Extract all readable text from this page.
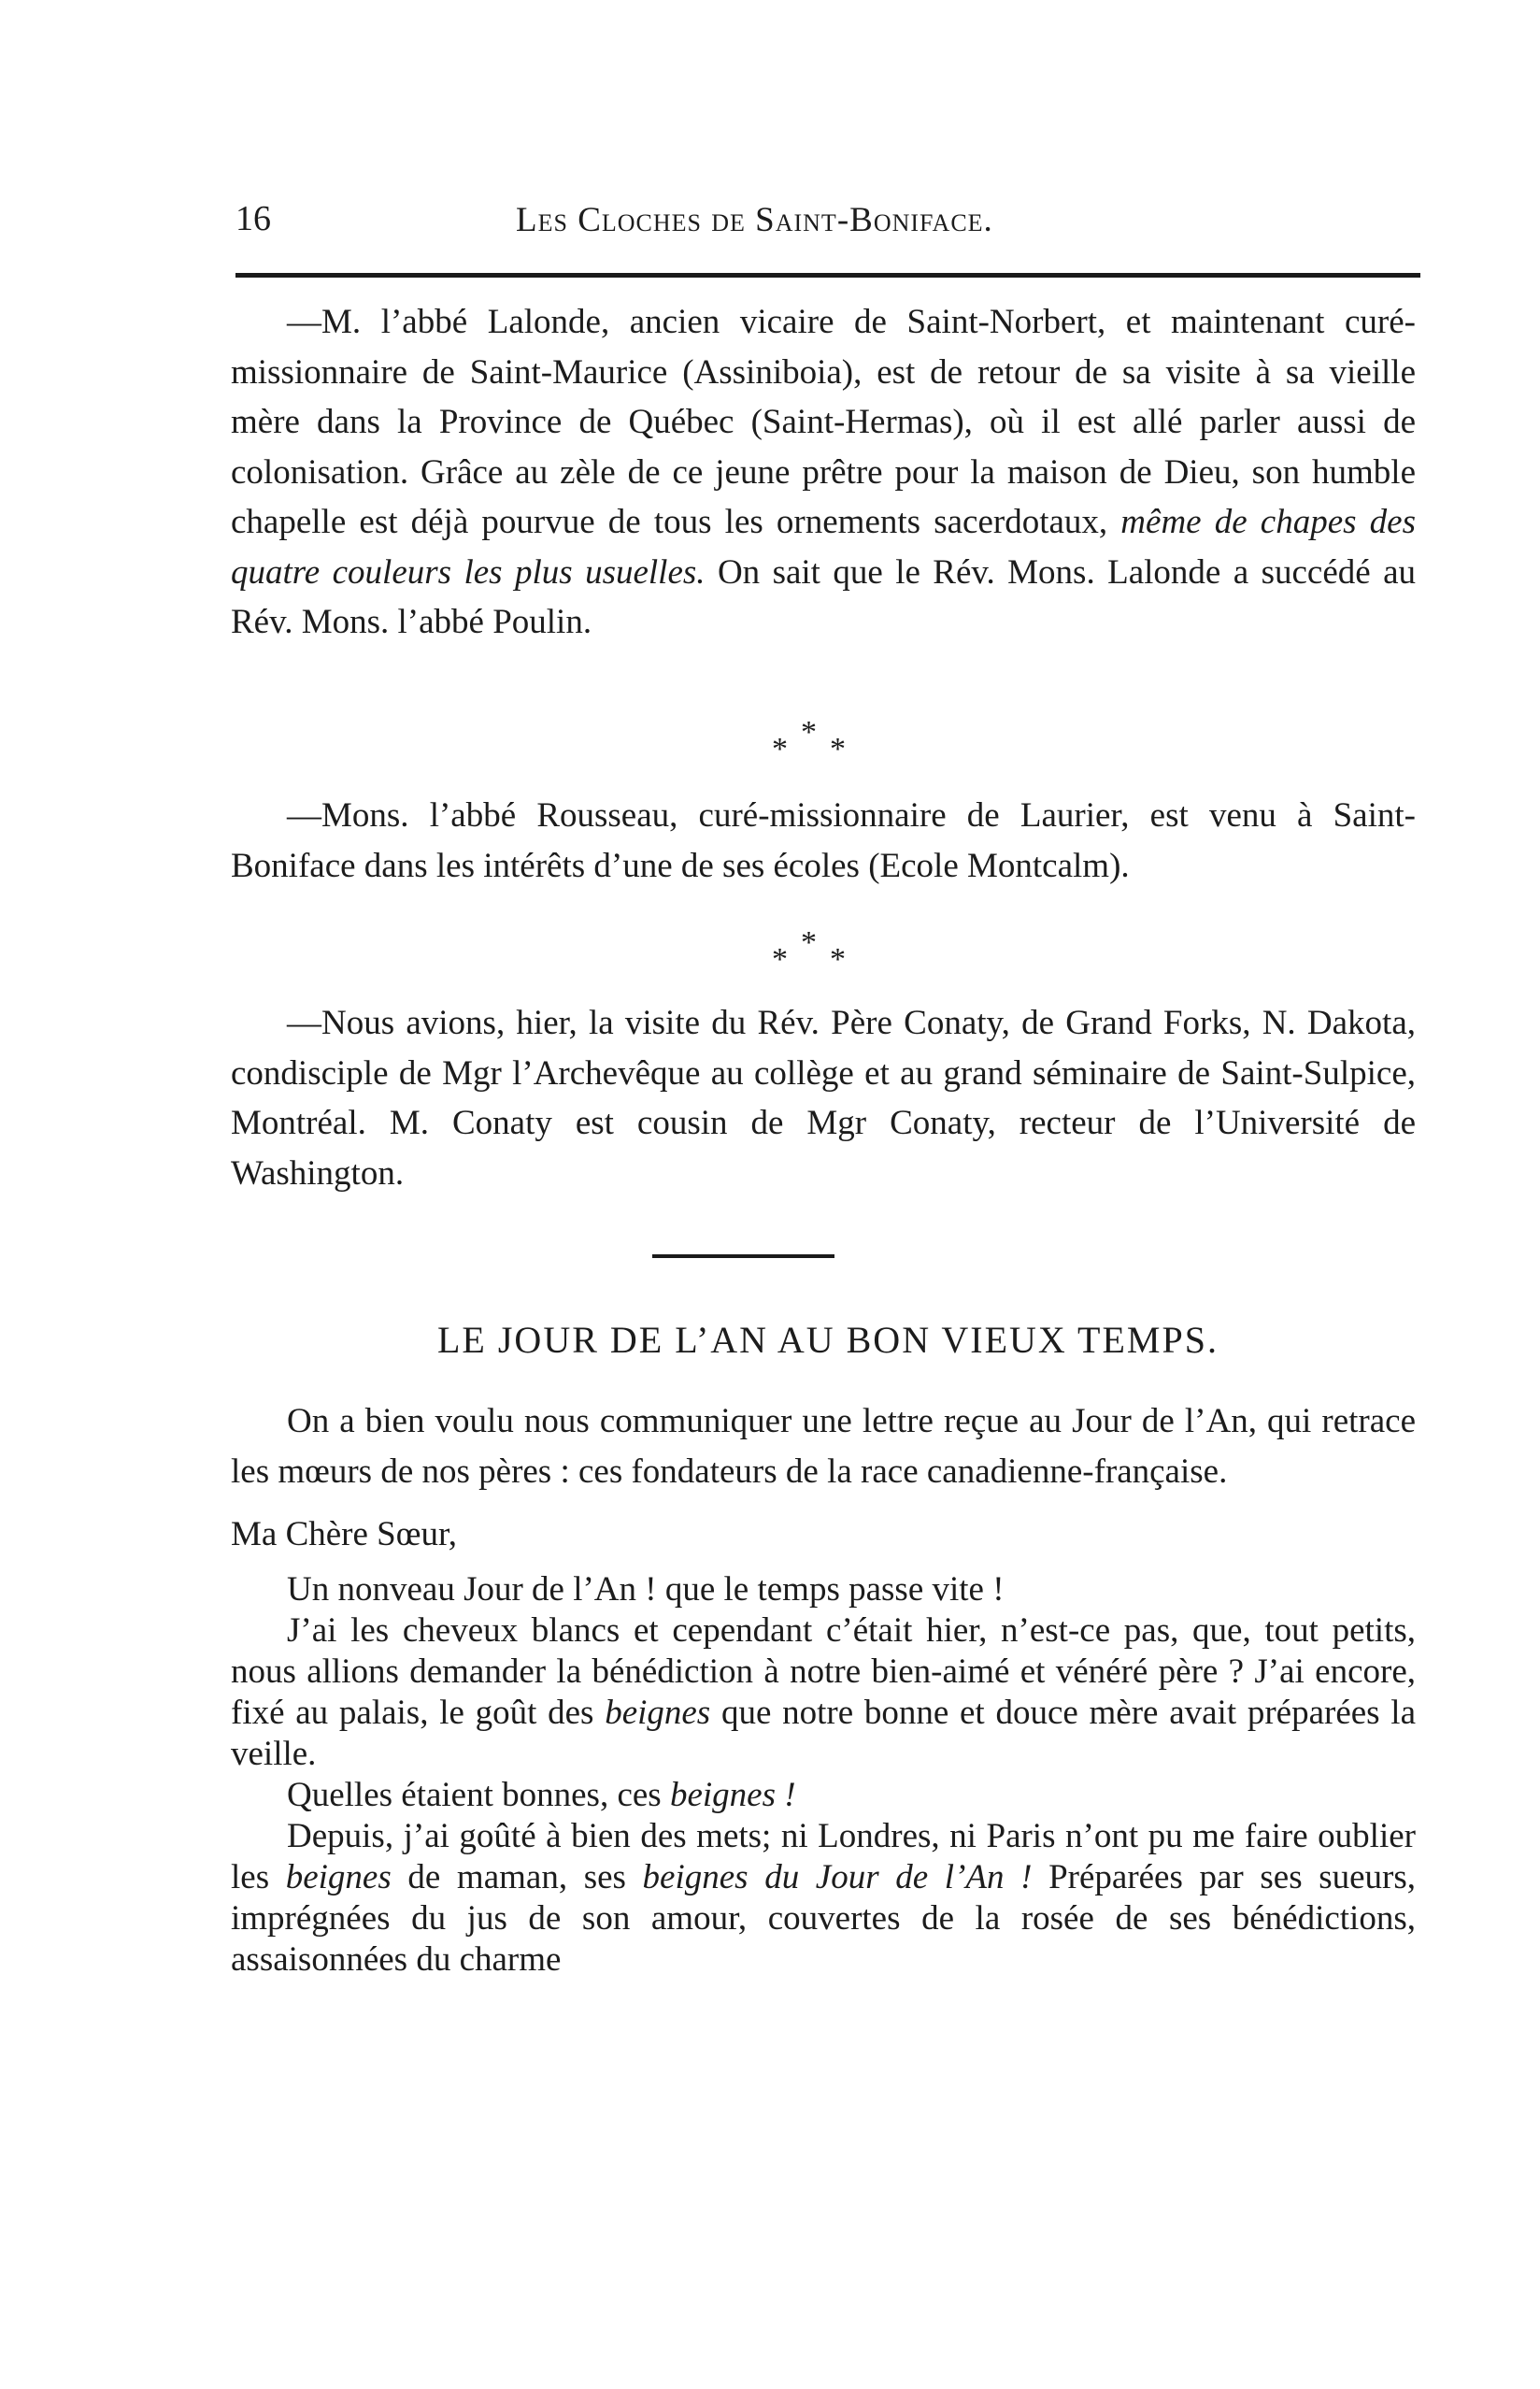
16	Les Cloches de Saint-Boniface.

—M. l’abbé Lalonde, ancien vicaire de Saint-Norbert, et maintenant curé-missionnaire de Saint-Maurice (Assiniboia), est de retour de sa visite à sa vieille mère dans la Province de Québec (Saint-Hermas), où il est allé parler aussi de colonisation. Grâce au zèle de ce jeune prêtre pour la maison de Dieu, son humble chapelle est déjà pourvue de tous les ornements sacerdotaux, même de chapes des quatre couleurs les plus usuelles. On sait que le Rév. Mons. Lalonde a succédé au Rév. Mons. l’abbé Poulin.

* * *

—Mons. l’abbé Rousseau, curé-missionnaire de Laurier, est venu à Saint-Boniface dans les intérêts d’une de ses écoles (Ecole Montcalm).

* * *

—Nous avions, hier, la visite du Rév. Père Conaty, de Grand Forks, N. Dakota, condisciple de Mgr l’Archevêque au collège et au grand séminaire de Saint-Sulpice, Montréal. M. Conaty est cousin de Mgr Conaty, recteur de l’Université de Washington.

LE JOUR DE L’AN AU BON VIEUX TEMPS.

On a bien voulu nous communiquer une lettre reçue au Jour de l’An, qui retrace les mœurs de nos pères : ces fondateurs de la race canadienne-française.

Ma Chère Sœur,

Un nonveau Jour de l’An ! que le temps passe vite !

J’ai les cheveux blancs et cependant c’était hier, n’est-ce pas, que, tout petits, nous allions demander la bénédiction à notre bien-aimé et vénéré père ? J’ai encore, fixé au palais, le goût des beignes que notre bonne et douce mère avait préparées la veille.

Quelles étaient bonnes, ces beignes !

Depuis, j’ai goûté à bien des mets; ni Londres, ni Paris n’ont pu me faire oublier les beignes de maman, ses beignes du Jour de l’An ! Préparées par ses sueurs, imprégnées du jus de son amour, couvertes de la rosée de ses bénédictions, assaisonnées du charme
